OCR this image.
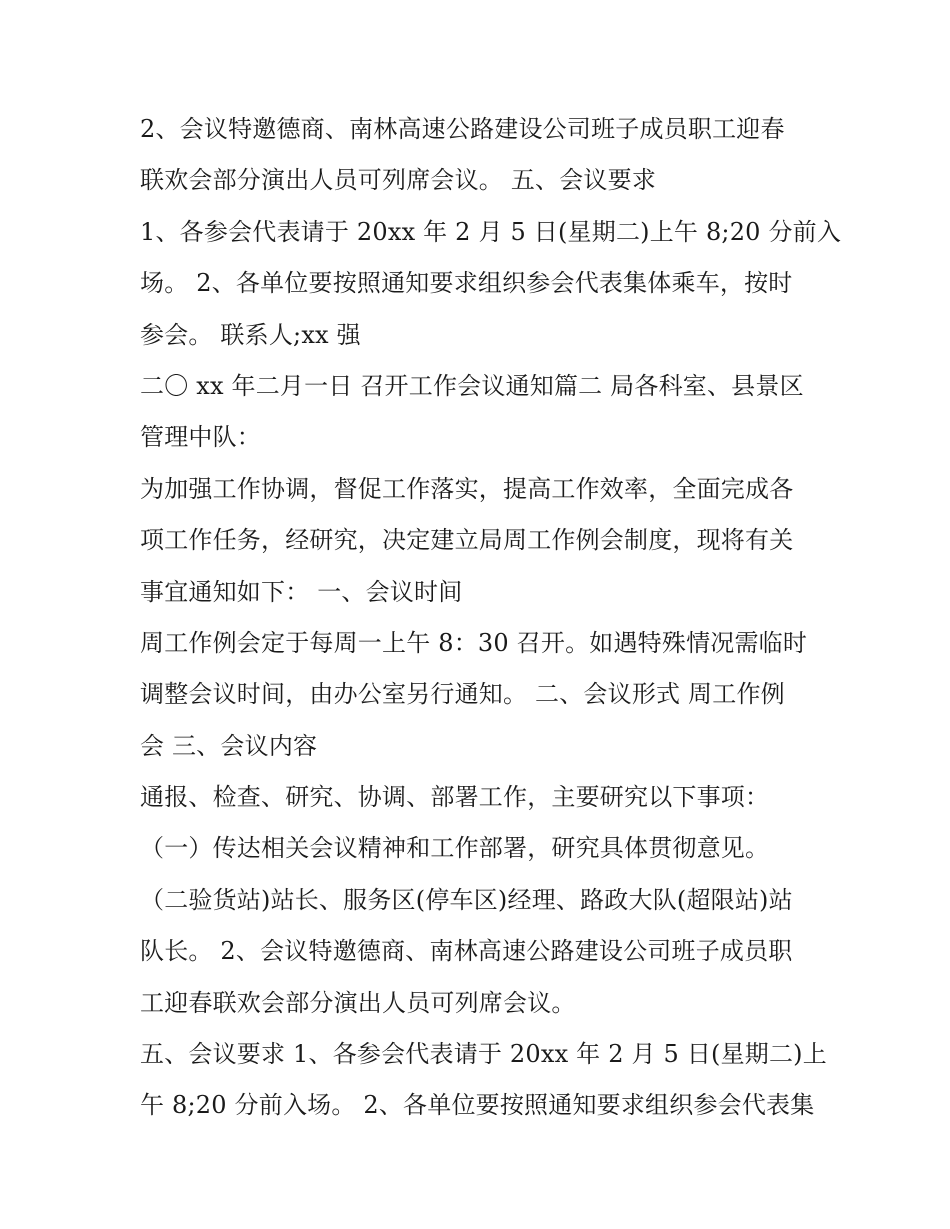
2、会议特邀德商、南林高速公路建设公司班子成员职工迎春
联欢会部分演出人员可列席会议。 五、会议要求
1、各参会代表请于 20xx 年 2 月 5 日(星期二)上午 8;20 分前入
场。 2、各单位要按照通知要求组织参会代表集体乘车，按时
参会。 联系人;xx 强
二〇 xx 年二月一日 召开工作会议通知篇二 局各科室、县景区
管理中队：
为加强工作协调，督促工作落实，提高工作效率，全面完成各
项工作任务，经研究，决定建立局周工作例会制度，现将有关
事宜通知如下： 一、会议时间
周工作例会定于每周一上午 8：30 召开。如遇特殊情况需临时
调整会议时间，由办公室另行通知。 二、会议形式 周工作例
会 三、会议内容
通报、检查、研究、协调、部署工作，主要研究以下事项：
（一）传达相关会议精神和工作部署，研究具体贯彻意见。
（二验货站)站长、服务区(停车区)经理、路政大队(超限站)站
队长。 2、会议特邀德商、南林高速公路建设公司班子成员职
工迎春联欢会部分演出人员可列席会议。
五、会议要求 1、各参会代表请于 20xx 年 2 月 5 日(星期二)上
午 8;20 分前入场。 2、各单位要按照通知要求组织参会代表集
